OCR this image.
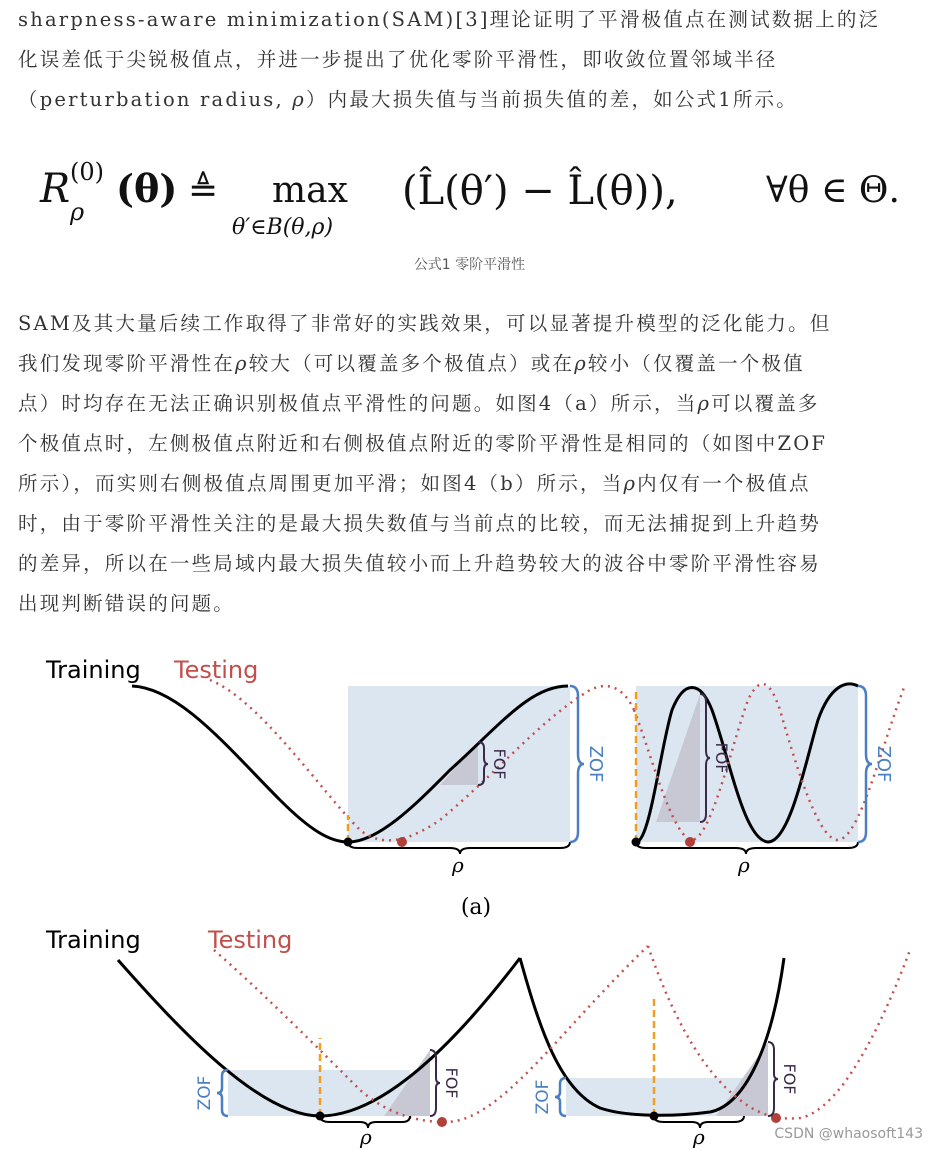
sharpness-aware minimization(SAM)[3]理论证明了平滑极值点在测试数据上的泛
化误差低于尖锐极值点，并进一步提出了优化零阶平滑性，即收敛位置邻域半径
（perturbation radius, ρ）内最大损失值与当前损失值的差，如公式1所示。

R (0)
ρ
(θ) ≜ max
θ′∈B(θ,ρ)
(L̂(θ′) − L̂(θ)), ∀θ ∈ Θ.
公式1 零阶平滑性

SAM及其大量后续工作取得了非常好的实践效果，可以显著提升模型的泛化能力。但
我们发现零阶平滑性在ρ较大（可以覆盖多个极值点）或在ρ较小（仅覆盖一个极值
点）时均存在无法正确识别极值点平滑性的问题。如图4（a）所示，当ρ可以覆盖多
个极值点时，左侧极值点附近和右侧极值点附近的零阶平滑性是相同的（如图中ZOF
所示），而实则右侧极值点周围更加平滑；如图4（b）所示，当ρ内仅有一个极值点
时，由于零阶平滑性关注的是最大损失数值与当前点的比较，而无法捕捉到上升趋势
的差异，所以在一些局域内最大损失值较小而上升趋势较大的波谷中零阶平滑性容易
出现判断错误的问题。

ρ	ρ
ZOF	ZOF
FOF	FOF
Training Testing
(a)
ρ	ρ
ZOF	ZOF
FOF	FOF
Training	Testing
CSDN @whaosoft143
